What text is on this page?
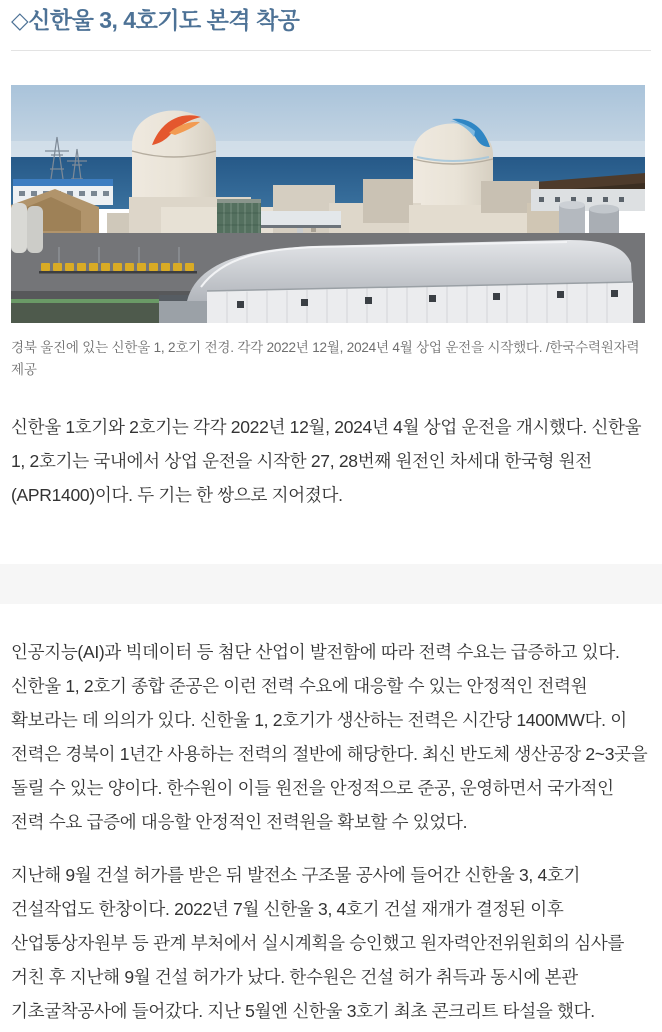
◇신한울 3, 4호기도 본격 착공
경북 울진에 있는 신한울 1, 2호기 전경. 각각 2022년 12월, 2024년 4월 상업 운전을 시작했다. /한국수력원자력 제공

신한울 1호기와 2호기는 각각 2022년 12월, 2024년 4월 상업 운전을 개시했다. 신한울 1, 2호기는 국내에서 상업 운전을 시작한 27, 28번째 원전인 차세대 한국형 원전 (APR1400)이다. 두 기는 한 쌍으로 지어졌다.

인공지능(AI)과 빅데이터 등 첨단 산업이 발전함에 따라 전력 수요는 급증하고 있다. 신한울 1, 2호기 종합 준공은 이런 전력 수요에 대응할 수 있는 안정적인 전력원 확보라는 데 의의가 있다. 신한울 1, 2호기가 생산하는 전력은 시간당 1400MW다. 이 전력은 경북이 1년간 사용하는 전력의 절반에 해당한다. 최신 반도체 생산공장 2~3곳을 돌릴 수 있는 양이다. 한수원이 이들 원전을 안정적으로 준공, 운영하면서 국가적인 전력 수요 급증에 대응할 안정적인 전력원을 확보할 수 있었다.

지난해 9월 건설 허가를 받은 뒤 발전소 구조물 공사에 들어간 신한울 3, 4호기 건설작업도 한창이다. 2022년 7월 신한울 3, 4호기 건설 재개가 결정된 이후 산업통상자원부 등 관계 부처에서 실시계획을 승인했고 원자력안전위원회의 심사를 거친 후 지난해 9월 건설 허가가 났다. 한수원은 건설 허가 취득과 동시에 본관 기초굴착공사에 들어갔다. 지난 5월엔 신한울 3호기 최초 콘크리트 타설을 했다.
